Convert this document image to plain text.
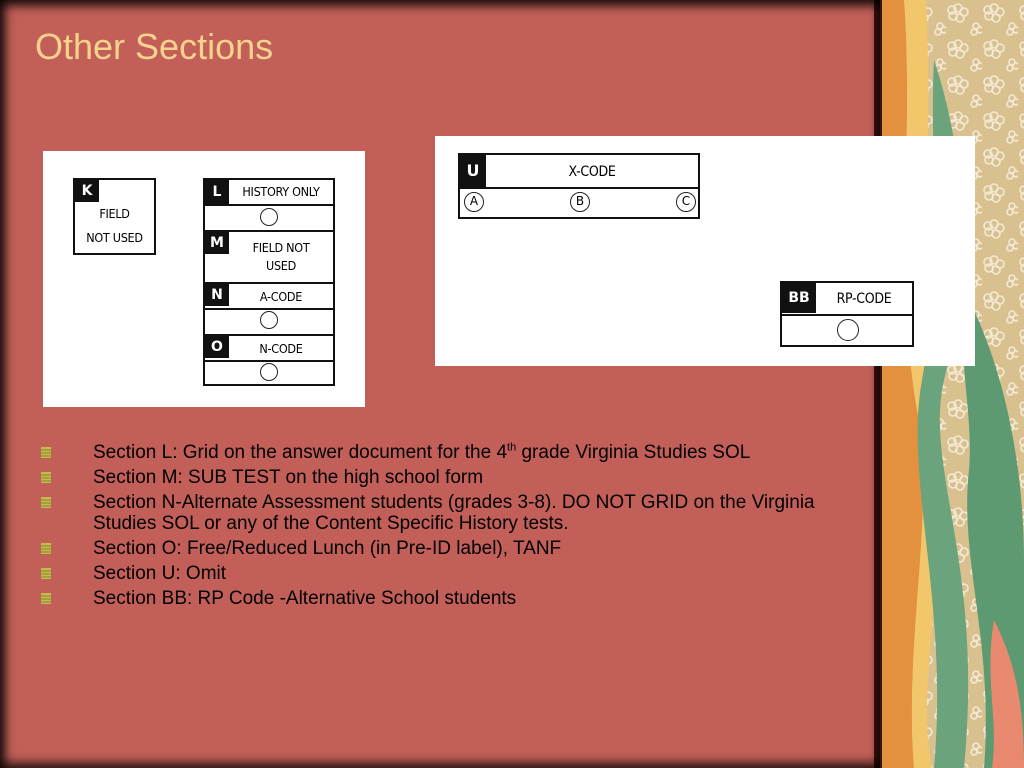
Other Sections
K
FIELD
NOT USED
L	HISTORY ONLY
M	FIELD NOT
USED
N	A-CODE
O	N-CODE
U	X-CODE
A	B	C
BB	RP-CODE
Section L: Grid on the answer document for the 4th grade Virginia Studies SOL
Section M: SUB TEST on the high school form
Section N-Alternate Assessment students (grades 3-8). DO NOT GRID on the Virginia Studies SOL or any of the Content Specific History tests.
Section O: Free/Reduced Lunch (in Pre-ID label), TANF
Section U: Omit
Section BB: RP Code -Alternative School students
